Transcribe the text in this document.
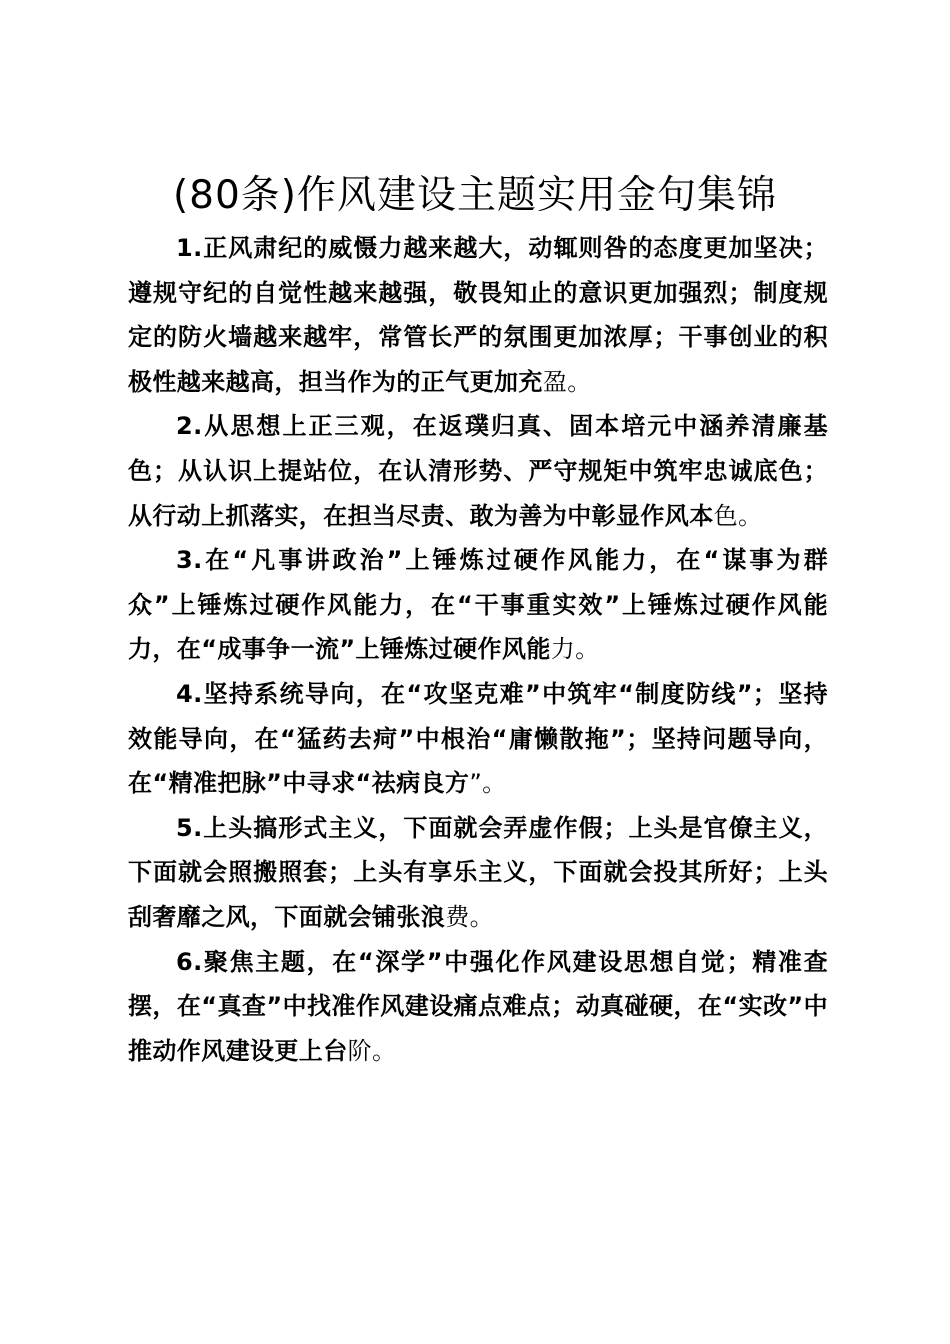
(80条)作风建设主题实用金句集锦

1.正风肃纪的威慑力越来越大，动辄则咎的态度更加坚决；遵规守纪的自觉性越来越强，敬畏知止的意识更加强烈；制度规定的防火墙越来越牢，常管长严的氛围更加浓厚；干事创业的积极性越来越高，担当作为的正气更加充盈。

2.从思想上正三观，在返璞归真、固本培元中涵养清廉基色；从认识上提站位，在认清形势、严守规矩中筑牢忠诚底色；从行动上抓落实，在担当尽责、敢为善为中彰显作风本色。

3.在“凡事讲政治”上锤炼过硬作风能力，在“谋事为群众”上锤炼过硬作风能力，在“干事重实效”上锤炼过硬作风能力，在“成事争一流”上锤炼过硬作风能力。

4.坚持系统导向，在“攻坚克难”中筑牢“制度防线”；坚持效能导向，在“猛药去疴”中根治“庸懒散拖”；坚持问题导向，在“精准把脉”中寻求“祛病良方”。

5.上头搞形式主义，下面就会弄虚作假；上头是官僚主义，下面就会照搬照套；上头有享乐主义，下面就会投其所好；上头刮奢靡之风，下面就会铺张浪费。

6.聚焦主题，在“深学”中强化作风建设思想自觉；精准查摆，在“真查”中找准作风建设痛点难点；动真碰硬，在“实改”中推动作风建设更上台阶。
